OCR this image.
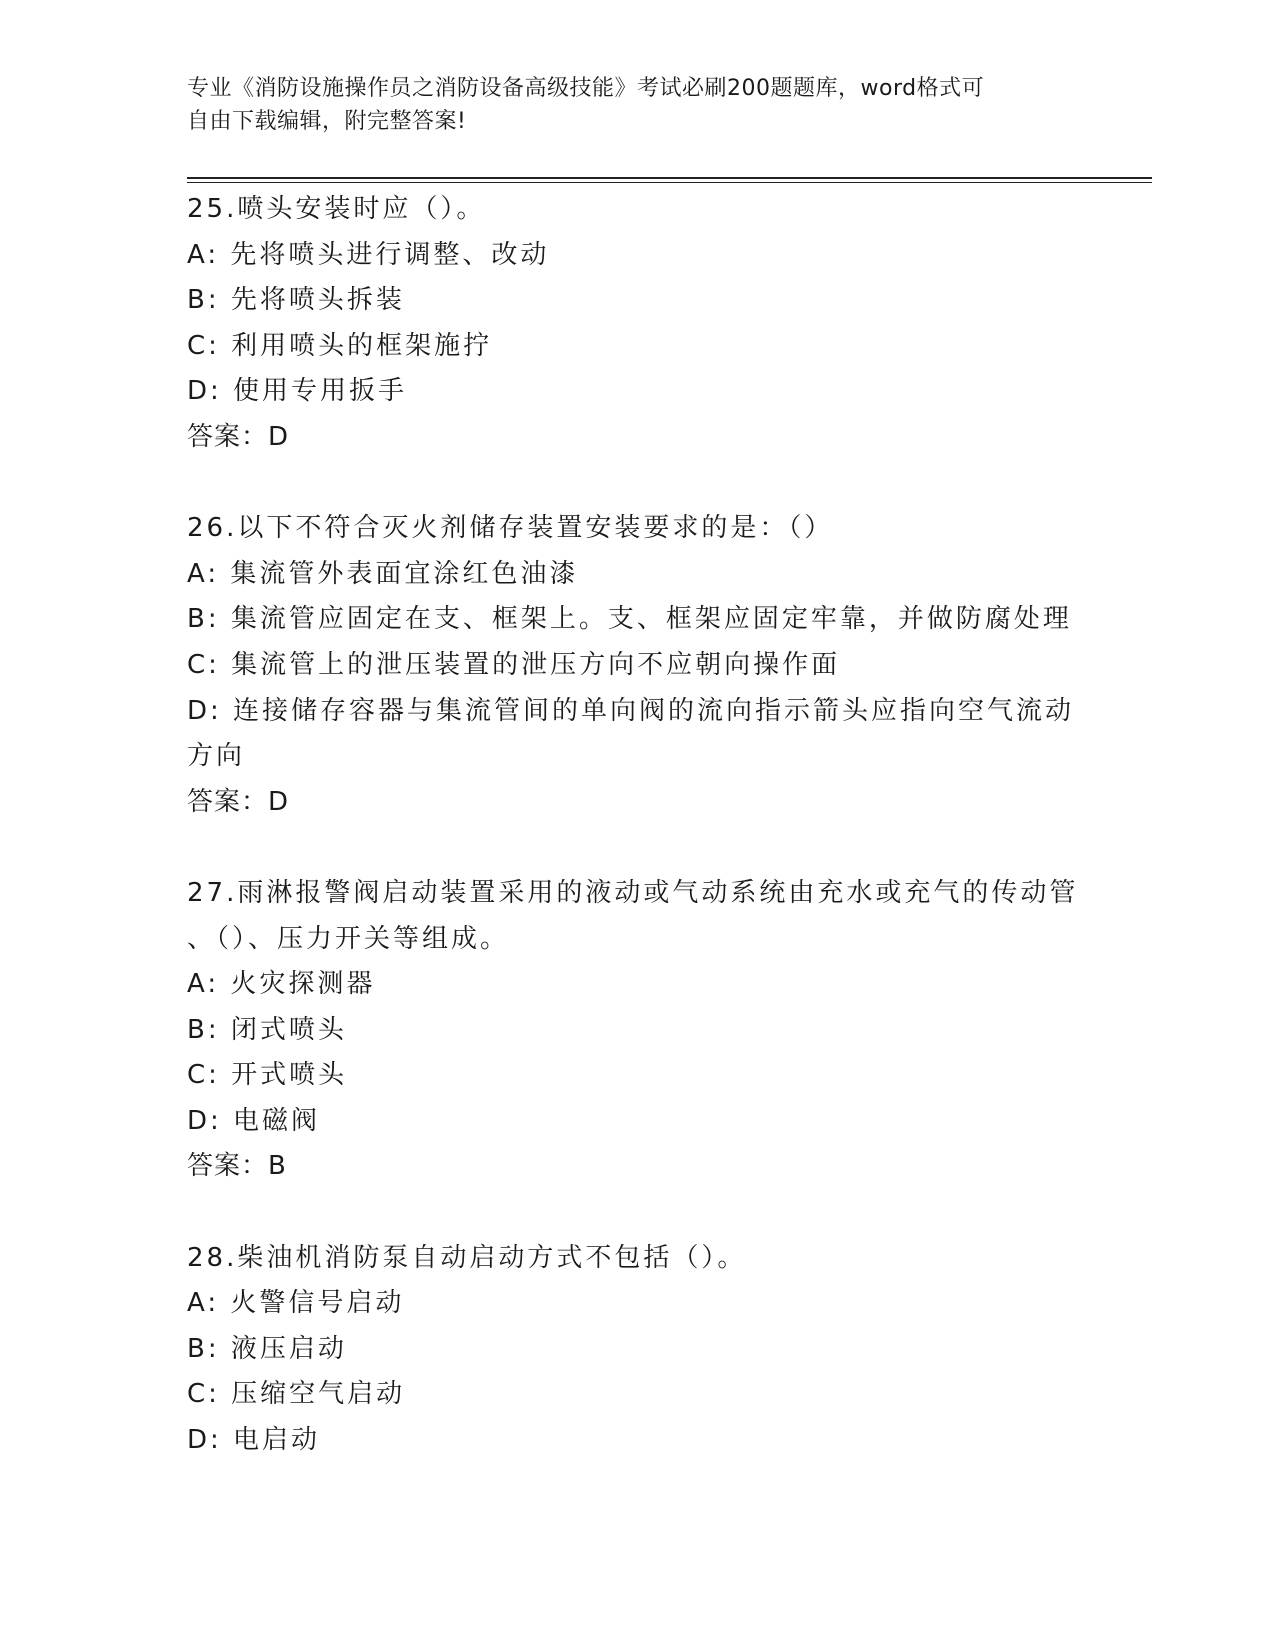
专业《消防设施操作员之消防设备高级技能》考试必刷200题题库，word格式可
自由下载编辑，附完整答案!
25.喷头安装时应（）。
A: 先将喷头进行调整、改动
B: 先将喷头拆装
C: 利用喷头的框架施拧
D: 使用专用扳手
答案：D
26.以下不符合灭火剂储存装置安装要求的是：（）
A: 集流管外表面宜涂红色油漆
B: 集流管应固定在支、框架上。支、框架应固定牢靠，并做防腐处理
C: 集流管上的泄压装置的泄压方向不应朝向操作面
D: 连接储存容器与集流管间的单向阀的流向指示箭头应指向空气流动
方向
答案：D
27.雨淋报警阀启动装置采用的液动或气动系统由充水或充气的传动管
、（）、压力开关等组成。
A: 火灾探测器
B: 闭式喷头
C: 开式喷头
D: 电磁阀
答案：B
28.柴油机消防泵自动启动方式不包括（）。
A: 火警信号启动
B: 液压启动
C: 压缩空气启动
D: 电启动
